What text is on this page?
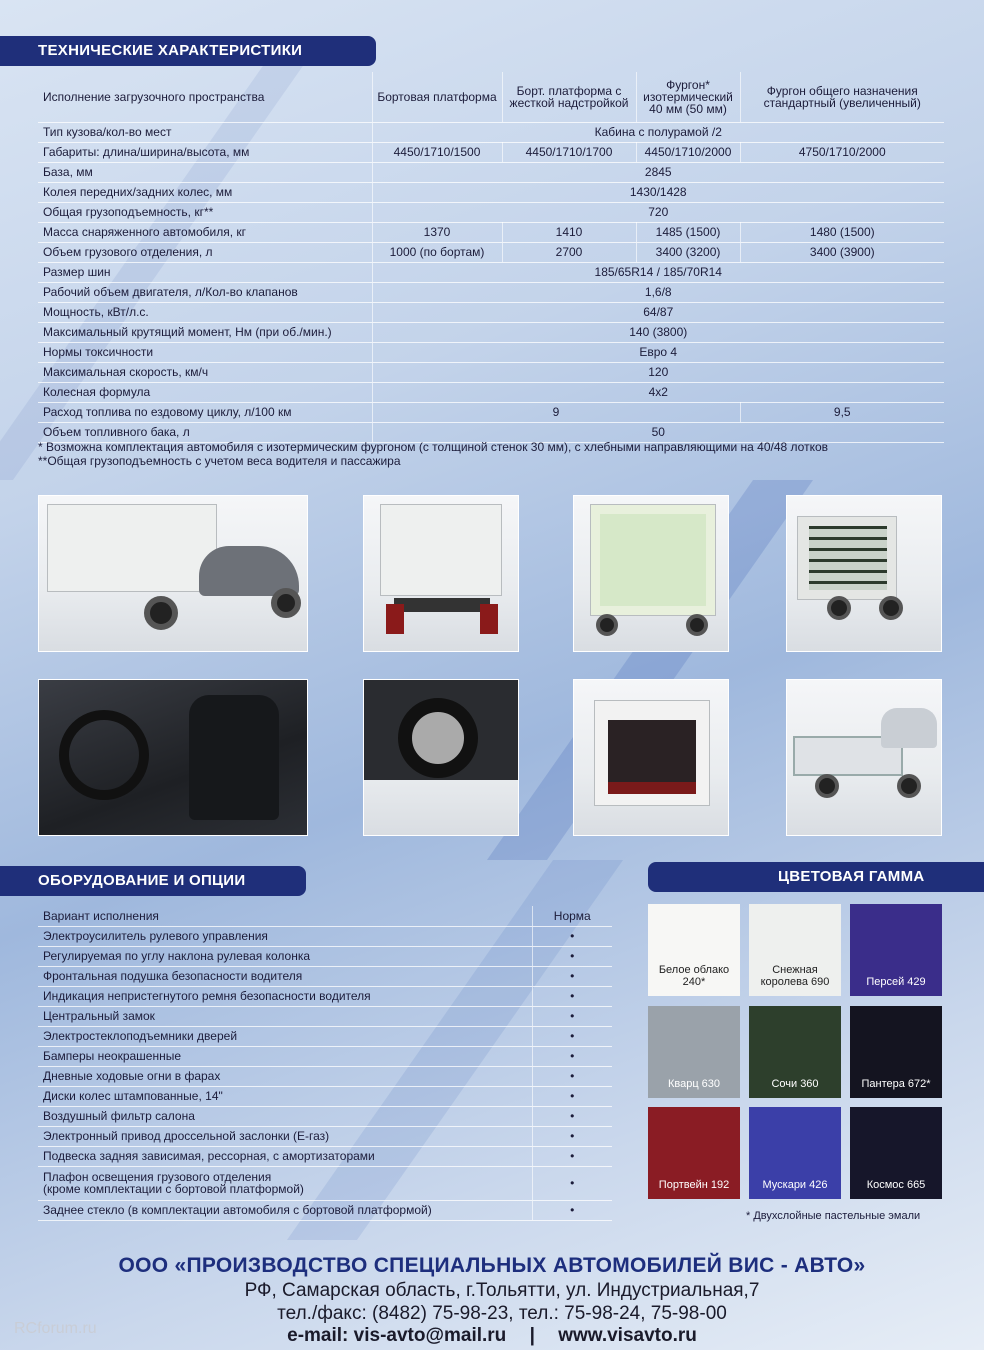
ТЕХНИЧЕСКИЕ ХАРАКТЕРИСТИКИ
Исполнение загрузочного пространства	Бортовая платформа	Борт. платформа с жесткой надстройкой	Фургон* изотермический 40 мм (50 мм)	Фургон общего назначения стандартный (увеличенный)
Тип кузова/кол-во мест	Кабина с полурамой /2			
Габариты: длина/ширина/высота, мм	4450/1710/1500	4450/1710/1700	4450/1710/2000	4750/1710/2000
База, мм	2845			
Колея передних/задних колес, мм	1430/1428			
Общая грузоподъемность, кг**	720			
Масса снаряженного автомобиля, кг	1370	1410	1485 (1500)	1480 (1500)
Объем грузового отделения, л	1000 (по бортам)	2700	3400 (3200)	3400 (3900)
Размер шин	185/65R14 / 185/70R14			
Рабочий объем двигателя, л/Кол-во клапанов	1,6/8			
Мощность, кВт/л.с.	64/87			
Максимальный крутящий момент, Нм (при об./мин.)	140 (3800)			
Нормы токсичности	Евро 4			
Максимальная скорость, км/ч	120			
Колесная формула	4x2			
Расход топлива по ездовому циклу, л/100 км	9			9,5
Объем топливного бака, л	50			
* Возможна комплектация автомобиля с изотермическим фургоном (с толщиной стенок 30 мм), с хлебными направляющими на 40/48 лотков
**Общая грузоподъемность с учетом веса водителя и пассажира
ОБОРУДОВАНИЕ И ОПЦИИ
Вариант исполнения	Норма
Электроусилитель рулевого управления	•
Регулируемая по углу наклона рулевая колонка	•
Фронтальная подушка безопасности водителя	•
Индикация непристегнутого ремня безопасности водителя	•
Центральный замок	•
Электростеклоподъемники дверей	•
Бамперы неокрашенные	•
Дневные ходовые огни в фарах	•
Диски колес штампованные, 14"	•
Воздушный фильтр салона	•
Электронный привод дроссельной заслонки (Е-газ)	•
Подвеска задняя зависимая, рессорная, с амортизаторами	•
Плафон освещения грузового отделения
(кроме комплектации с бортовой платформой)	•
Заднее стекло (в комплектации автомобиля с бортовой платформой)	•
ЦВЕТОВАЯ ГАММА
Белое облако 240*
Снежная королева 690	Персей 429
Кварц 630	Сочи 360	Пантера 672*
Портвейн 192	Мускари 426	Космос 665
* Двухслойные пастельные эмали
ООО «ПРОИЗВОДСТВО СПЕЦИАЛЬНЫХ АВТОМОБИЛЕЙ ВИС - АВТО»
РФ, Самарская область, г.Тольятти, ул. Индустриальная,7
тел./факс: (8482) 75-98-23, тел.: 75-98-24, 75-98-00
e-mail: vis-avto@mail.ru | www.visavto.ru
RCforum.ru
